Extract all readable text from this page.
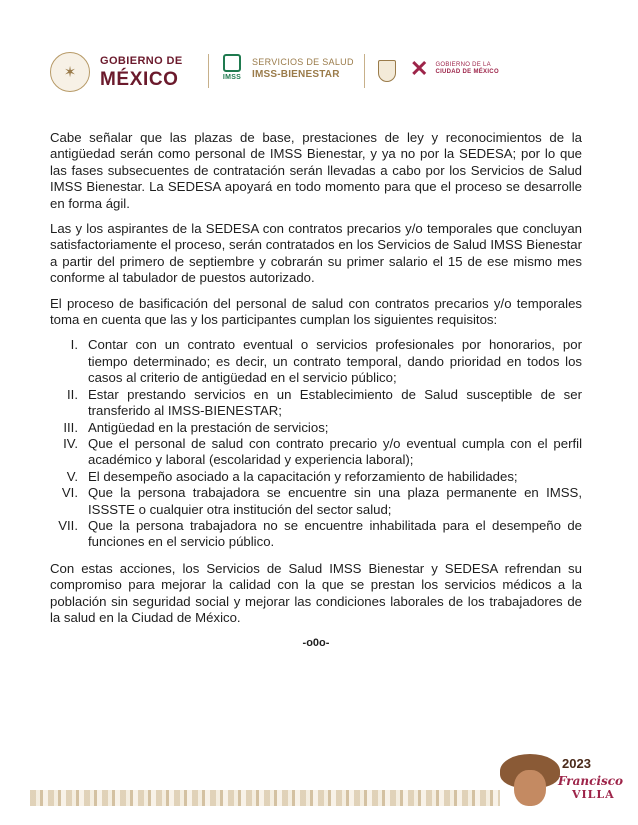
✶
GOBIERNO DE
MÉXICO	IMSS
SERVICIOS DE SALUD
IMSS-BIENESTAR	✕ GOBIERNO DE LA
CIUDAD DE MÉXICO

Cabe señalar que las plazas de base, prestaciones de ley y reconocimientos de la antigüedad serán como personal de IMSS Bienestar, y ya no por la SEDESA; por lo que las fases subsecuentes de contratación serán llevadas a cabo por los Servicios de Salud IMSS Bienestar. La SEDESA apoyará en todo momento para que el proceso se desarrolle en forma ágil.

Las y los aspirantes de la SEDESA con contratos precarios y/o temporales que concluyan satisfactoriamente el proceso, serán contratados en los Servicios de Salud IMSS Bienestar a partir del primero de septiembre y cobrarán su primer salario el 15 de ese mismo mes conforme al tabulador de puestos autorizado.

El proceso de basificación del personal de salud con contratos precarios y/o temporales toma en cuenta que las y los participantes cumplan los siguientes requisitos:

I. Contar con un contrato eventual o servicios profesionales por honorarios, por tiempo determinado; es decir, un contrato temporal, dando prioridad en todos los casos al criterio de antigüedad en el servicio público;
II. Estar prestando servicios en un Establecimiento de Salud susceptible de ser transferido al IMSS-BIENESTAR;
III. Antigüedad en la prestación de servicios;
IV. Que el personal de salud con contrato precario y/o eventual cumpla con el perfil académico y laboral (escolaridad y experiencia laboral);
V. El desempeño asociado a la capacitación y reforzamiento de habilidades;
VI. Que la persona trabajadora se encuentre sin una plaza permanente en IMSS, ISSSTE o cualquier otra institución del sector salud;
VII. Que la persona trabajadora no se encuentre inhabilitada para el desempeño de funciones en el servicio público.

Con estas acciones, los Servicios de Salud IMSS Bienestar y SEDESA refrendan su compromiso para mejorar la calidad con la que se prestan los servicios médicos a la población sin seguridad social y mejorar las condiciones laborales de los trabajadores de la salud en la Ciudad de México.

-o0o-
2023
Francisco
VILLA
